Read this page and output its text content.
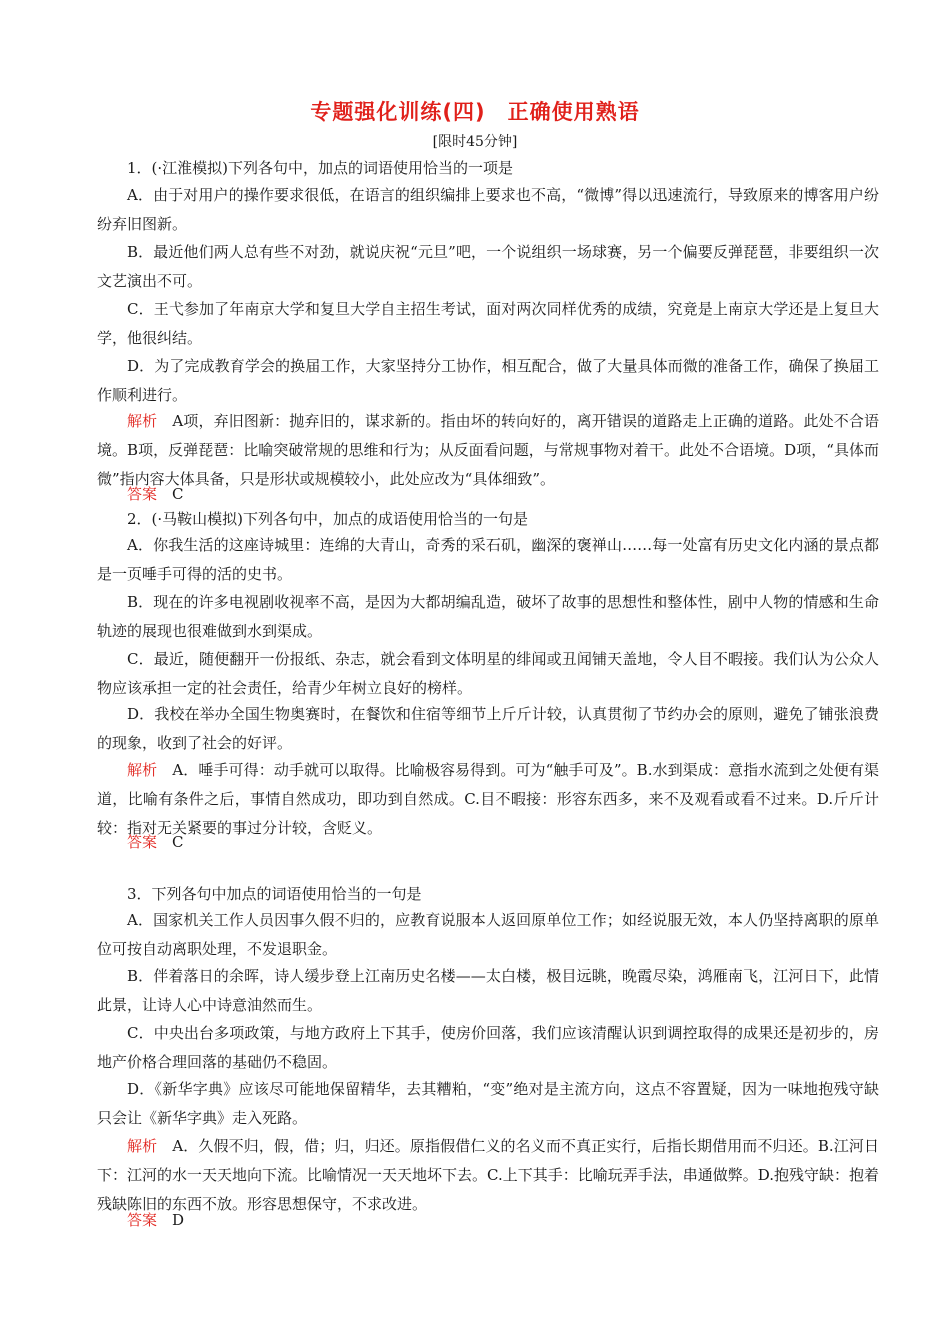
专题强化训练(四)　正确使用熟语
[限时45分钟]

1．(·江淮模拟)下列各句中，加点的词语使用恰当的一项是

A．由于对用户的操作要求很低，在语言的组织编排上要求也不高，“微博”得以迅速流行，导致原来的博客用户纷纷弃旧图新。

B．最近他们两人总有些不对劲，就说庆祝“元旦”吧，一个说组织一场球赛，另一个偏要反弹琵琶，非要组织一次文艺演出不可。

C．王弋参加了年南京大学和复旦大学自主招生考试，面对两次同样优秀的成绩，究竟是上南京大学还是上复旦大学，他很纠结。

D．为了完成教育学会的换届工作，大家坚持分工协作，相互配合，做了大量具体而微的准备工作，确保了换届工作顺利进行。

解析　 A项，弃旧图新：抛弃旧的，谋求新的。指由坏的转向好的，离开错误的道路走上正确的道路。此处不合语境。B项，反弹琵琶：比喻突破常规的思维和行为；从反面看问题，与常规事物对着干。此处不合语境。D项，“具体而微”指内容大体具备，只是形状或规模较小，此处应改为“具体细致”。

答案　 C

2．(·马鞍山模拟)下列各句中，加点的成语使用恰当的一句是

A．你我生活的这座诗城里：连绵的大青山，奇秀的采石矶，幽深的褒禅山……每一处富有历史文化内涵的景点都是一页唾手可得的活的史书。

B．现在的许多电视剧收视率不高，是因为大都胡编乱造，破坏了故事的思想性和整体性，剧中人物的情感和生命轨迹的展现也很难做到水到渠成。

C．最近，随便翻开一份报纸、杂志，就会看到文体明星的绯闻或丑闻铺天盖地，令人目不暇接。我们认为公众人物应该承担一定的社会责任，给青少年树立良好的榜样。

D．我校在举办全国生物奥赛时，在餐饮和住宿等细节上斤斤计较，认真贯彻了节约办会的原则，避免了铺张浪费的现象，收到了社会的好评。

解析　 A．唾手可得：动手就可以取得。比喻极容易得到。可为“触手可及”。B.水到渠成：意指水流到之处便有渠道，比喻有条件之后，事情自然成功，即功到自然成。C.目不暇接：形容东西多，来不及观看或看不过来。D.斤斤计较：指对无关紧要的事过分计较，含贬义。

答案　 C

3．下列各句中加点的词语使用恰当的一句是

A．国家机关工作人员因事久假不归的，应教育说服本人返回原单位工作；如经说服无效，本人仍坚持离职的原单位可按自动离职处理，不发退职金。

B．伴着落日的余晖，诗人缓步登上江南历史名楼——太白楼，极目远眺，晚霞尽染，鸿雁南飞，江河日下，此情此景，让诗人心中诗意油然而生。

C．中央出台多项政策，与地方政府上下其手，使房价回落，我们应该清醒认识到调控取得的成果还是初步的，房地产价格合理回落的基础仍不稳固。

D．《新华字典》应该尽可能地保留精华，去其糟粕，“变”绝对是主流方向，这点不容置疑，因为一味地抱残守缺只会让《新华字典》走入死路。

解析　 A．久假不归，假，借；归，归还。原指假借仁义的名义而不真正实行，后指长期借用而不归还。B.江河日下：江河的水一天天地向下流。比喻情况一天天地坏下去。C.上下其手：比喻玩弄手法，串通做弊。D.抱残守缺：抱着残缺陈旧的东西不放。形容思想保守，不求改进。

答案　 D
